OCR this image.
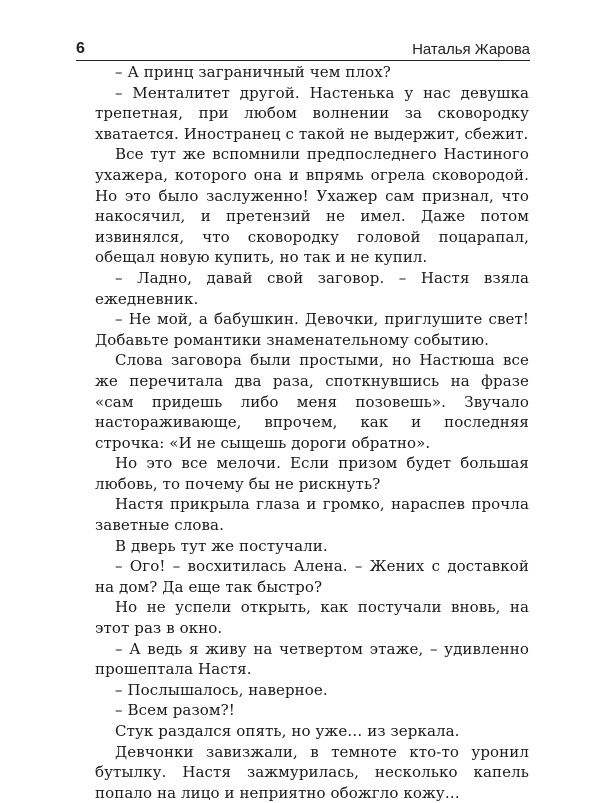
6	Наталья Жарова

– А принц заграничный чем плох?

– Менталитет другой. Настенька у нас девушка трепетная, при любом волнении за сковородку хватается. Иностранец с такой не выдержит, сбежит.

Все тут же вспомнили предпоследнего Настиного ухажера, которого она и впрямь огрела сковородой. Но это было заслуженно! Ухажер сам признал, что накосячил, и претензий не имел. Даже потом извинялся, что сковородку головой поцарапал, обещал новую купить, но так и не купил.

– Ладно, давай свой заговор. – Настя взяла ежедневник.

– Не мой, а бабушкин. Девочки, приглушите свет! Добавьте романтики знаменательному событию.

Слова заговора были простыми, но Настюша все же перечитала два раза, споткнувшись на фразе «сам придешь либо меня позовешь». Звучало настораживающе, впрочем, как и последняя строчка: «И не сыщешь дороги обратно».

Но это все мелочи. Если призом будет большая любовь, то почему бы не рискнуть?

Настя прикрыла глаза и громко, нараспев прочла заветные слова.

В дверь тут же постучали.

– Ого! – восхитилась Алена. – Жених с доставкой на дом? Да еще так быстро?

Но не успели открыть, как постучали вновь, на этот раз в окно.

– А ведь я живу на четвертом этаже, – удивленно прошептала Настя.

– Послышалось, наверное.

– Всем разом?!

Стук раздался опять, но уже… из зеркала.

Девчонки завизжали, в темноте кто-то уронил бутылку. Настя зажмурилась, несколько капель попало на лицо и неприятно обожгло кожу…
